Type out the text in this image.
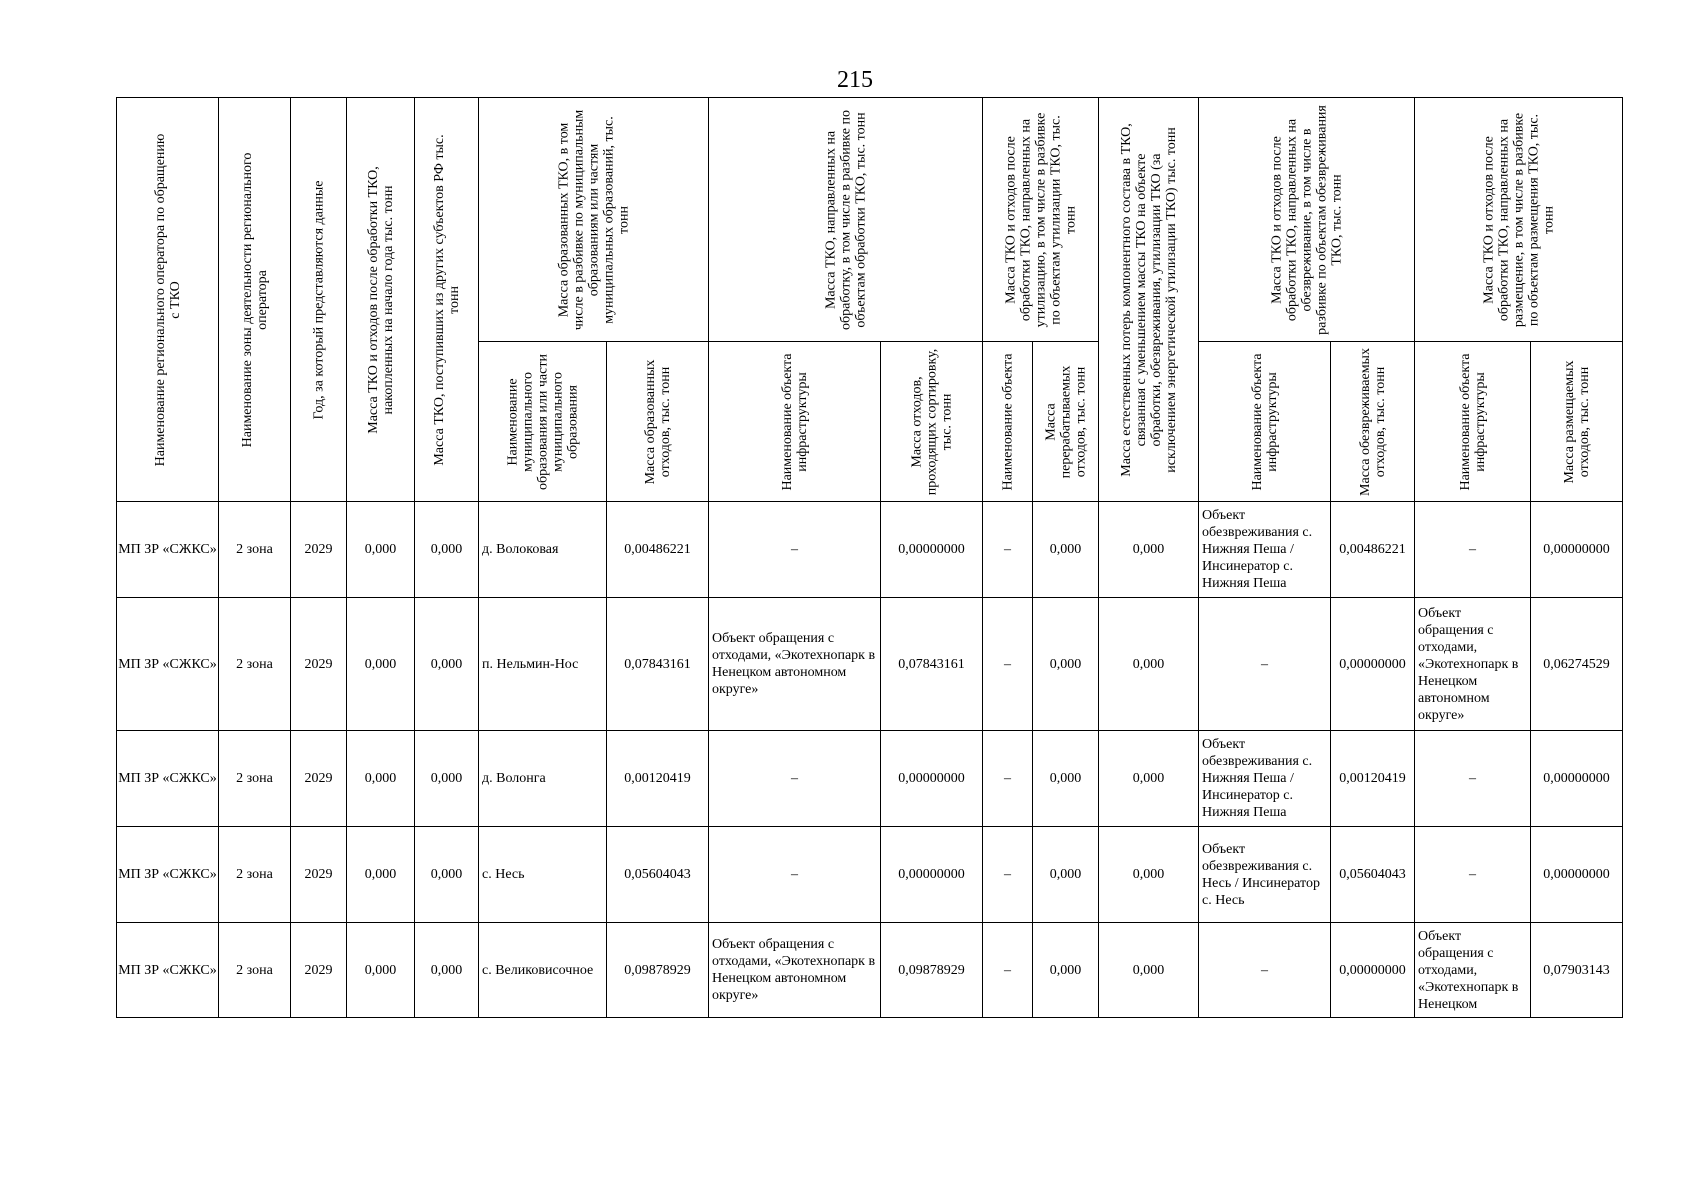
215
Наименование регионального оператора по обращению с ТКО	Наименование зоны деятельности регионального оператора	Год, за который представляются данные	Масса ТКО и отходов после обработки ТКО, накопленных на начало года тыс. тонн	Масса ТКО, поступивших из других субъектов РФ тыс. тонн	Масса образованных ТКО, в том числе в разбивке по муниципальным образованиям или частям муниципальных образований, тыс. тонн		Масса ТКО, направленных на обработку, в том числе в разбивке по объектам обработки ТКО, тыс. тонн		Масса ТКО и отходов после обработки ТКО, направленных на утилизацию, в том числе в разбивке по объектам утилизации ТКО, тыс. тонн		Масса естественных потерь компонентного состава в ТКО, связанная с уменьшением массы ТКО на объекте обработки, обезвреживания, утилизации ТКО (за исключением энергетической утилизации ТКО) тыс. тонн	Масса ТКО и отходов после обработки ТКО, направленных на обезвреживание, в том числе в разбивке по объектам обезвреживания ТКО, тыс. тонн		Масса ТКО и отходов после обработки ТКО, направленных на размещение, в том числе в разбивке по объектам размещения ТКО, тыс. тонн	

					Наименование муниципального образования или части муниципального образования	Масса образованных отходов, тыс. тонн	Наименование объекта инфраструктуры	Масса отходов, проходящих сортировку, тыс. тонн	Наименование объекта	Масса перерабатываемых отходов, тыс. тонн		Наименование объекта инфраструктуры	Масса обезвреживаемых отходов, тыс. тонн	Наименование объекта инфраструктуры	Масса размещаемых отходов, тыс. тонн

МП ЗР «СЖКС»	2 зона	2029	0,000	0,000	д. Волоковая	0,00486221	–	0,00000000	–	0,000	0,000	Объект обезвреживания с. Нижняя Пеша / Инсинератор с. Нижняя Пеша	0,00486221	–	0,00000000
МП ЗР «СЖКС»	2 зона	2029	0,000	0,000	п. Нельмин-Нос	0,07843161	Объект обращения с отходами, «Экотехнопарк в Ненецком автономном округе»	0,07843161	–	0,000	0,000	–	0,00000000	Объект обращения с отходами, «Экотехнопарк в Ненецком автономном округе»	0,06274529
МП ЗР «СЖКС»	2 зона	2029	0,000	0,000	д. Волонга	0,00120419	–	0,00000000	–	0,000	0,000	Объект обезвреживания с. Нижняя Пеша / Инсинератор с. Нижняя Пеша	0,00120419	–	0,00000000
МП ЗР «СЖКС»	2 зона	2029	0,000	0,000	с. Несь	0,05604043	–	0,00000000	–	0,000	0,000	Объект обезвреживания с. Несь / Инсинератор с. Несь	0,05604043	–	0,00000000
МП ЗР «СЖКС»	2 зона	2029	0,000	0,000	с. Великовисочное	0,09878929	Объект обращения с отходами, «Экотехнопарк в Ненецком автономном округе»	0,09878929	–	0,000	0,000	–	0,00000000	Объект обращения с отходами, «Экотехнопарк в Ненецком	0,07903143
